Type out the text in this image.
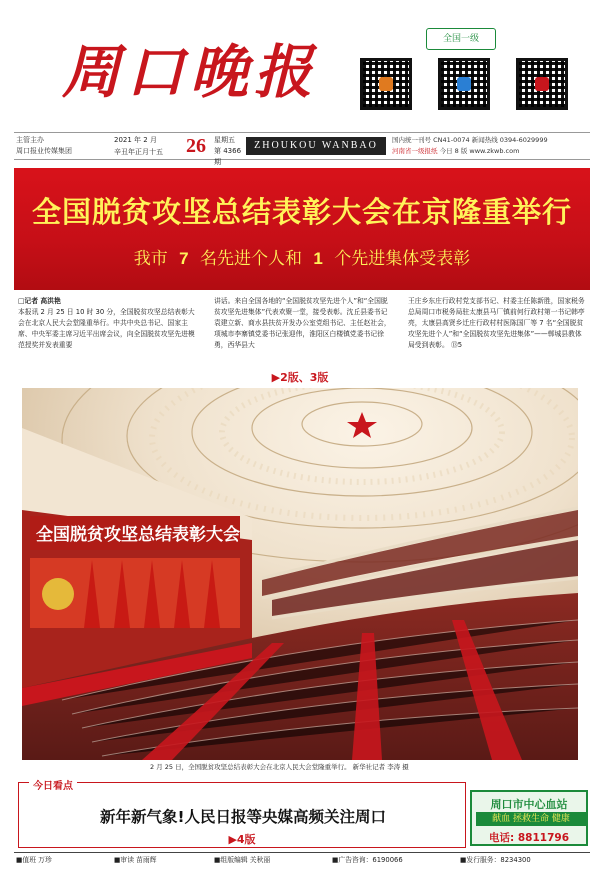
周口晚报	全国一级
主管主办
周口报业传媒集团
2021 年 2 月
辛丑年正月十五 26 星期五
第 4366 期
ZHOUKOU WANBAO	国内统一刊号 CN41-0074 新闻热线 0394-6029999
河南省一级报纸 今日 8 版 www.zkwb.com
全国脱贫攻坚总结表彰大会在京隆重举行
我市 7 名先进个人和 1 个先进集体受表彰
□记者 高洪艳
本报讯 2 月 25 日 10 时 30 分，全国脱贫攻坚总结表彰大会在北京人民大会堂隆重举行。中共中央总书记、国家主席、中央军委主席习近平出席会议，向全国脱贫攻坚先进模范授奖并发表重要
讲话。来自全国各地的“全国脱贫攻坚先进个人”和“全国脱贫攻坚先进集体”代表欢聚一堂，接受表彰。沈丘县委书记袁建立新、商水县扶贫开发办公室党组书记、主任赵社会，项城市李寨镇党委书记张迎伟，淮阳区白楼镇党委书记徐勇，西华县大
王庄乡东庄行政村党支部书记、村委主任陈新胜，国家税务总局周口市税务局驻太康县马厂镇前何行政村第一书记韩亭亮，太康县高贤乡迁庄行政村村医陈国厂等 7 名“全国脱贫攻坚先进个人”和“全国脱贫攻坚先进集体”——郸城县教体局受到表彰。 ⑬5
▶2版、3版
全国脱贫攻坚总结表彰大会
2 月 25 日，全国脱贫攻坚总结表彰大会在北京人民大会堂隆重举行。 新华社记者 李涛 摄
今日看点
新年新气象!人民日报等央媒高频关注周口
▶4版
周口市中心血站
献血 拯救生命 健康
电话: 8811796
■值班 万珍	■审读 苗雨辉	■组版编辑 关秋丽	■广告咨询：6190066	■发行服务：8234300
